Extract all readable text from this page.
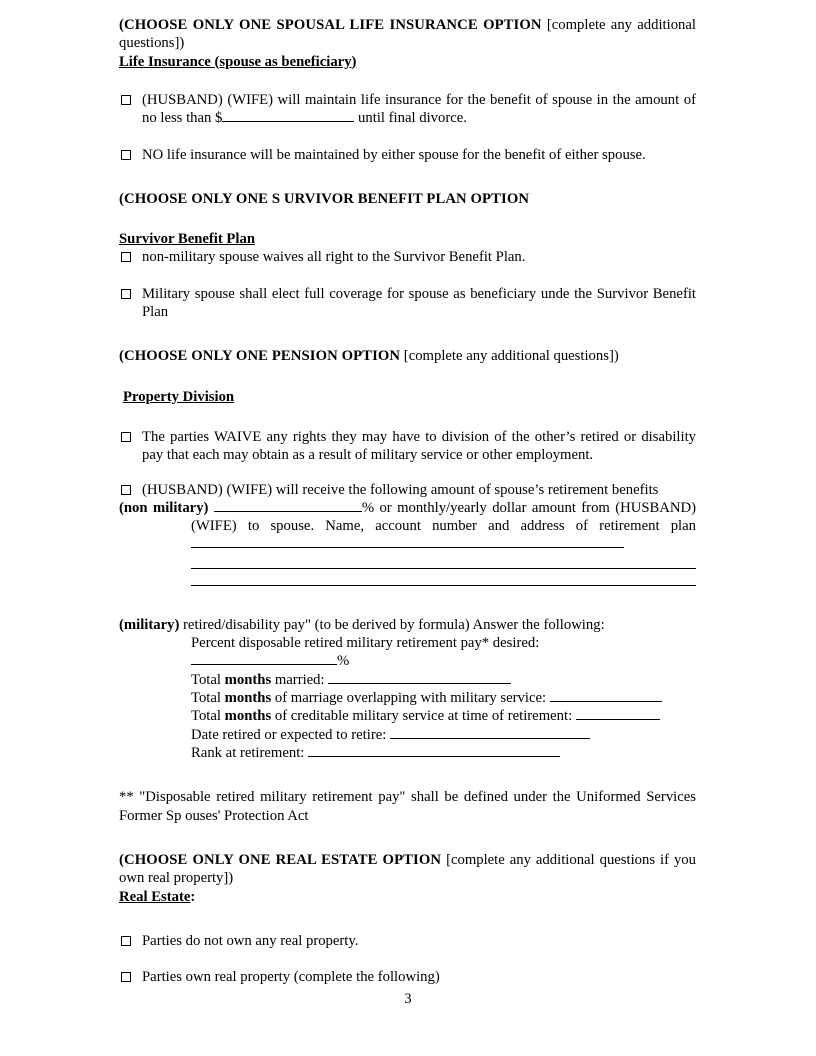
(CHOOSE ONLY ONE SPOUSAL LIFE INSURANCE OPTION [complete any additional questions])
Life Insurance (spouse as beneficiary)
(HUSBAND) (WIFE) will maintain life insurance for the benefit of spouse in the amount of no less than $	until final divorce.
NO life insurance will be maintained by either spouse for the benefit of either spouse.
(CHOOSE ONLY ONE S URVIVOR BENEFIT PLAN OPTION
Survivor Benefit Plan
non-military spouse waives all right to the Survivor Benefit Plan.
Military spouse shall elect full coverage for spouse as beneficiary unde the Survivor Benefit Plan
(CHOOSE ONLY ONE PENSION OPTION [complete any additional questions])
Property Division
The parties WAIVE any rights they may have to division of the other’s retired or disability pay that each may obtain as a result of military service or other employment.
(HUSBAND) (WIFE) will receive the following amount of spouse’s retirement benefits
(non military)	% or monthly/yearly dollar amount from (HUSBAND) (WIFE) to spouse. Name, account number and address of retirement plan
(military) retired/disability pay" (to be derived by formula) Answer the following:
Percent disposable retired military retirement pay* desired:
%
Total months married:
Total months of marriage overlapping with military service:
Total months of creditable military service at time of retirement:
Date retired or expected to retire:
Rank at retirement:
** "Disposable retired military retirement pay" shall be defined under the Uniformed Services Former Sp ouses' Protection Act
(CHOOSE ONLY ONE REAL ESTATE OPTION [complete any additional questions if you own real property])
Real Estate:
Parties do not own any real property.
Parties own real property (complete the following)
3
